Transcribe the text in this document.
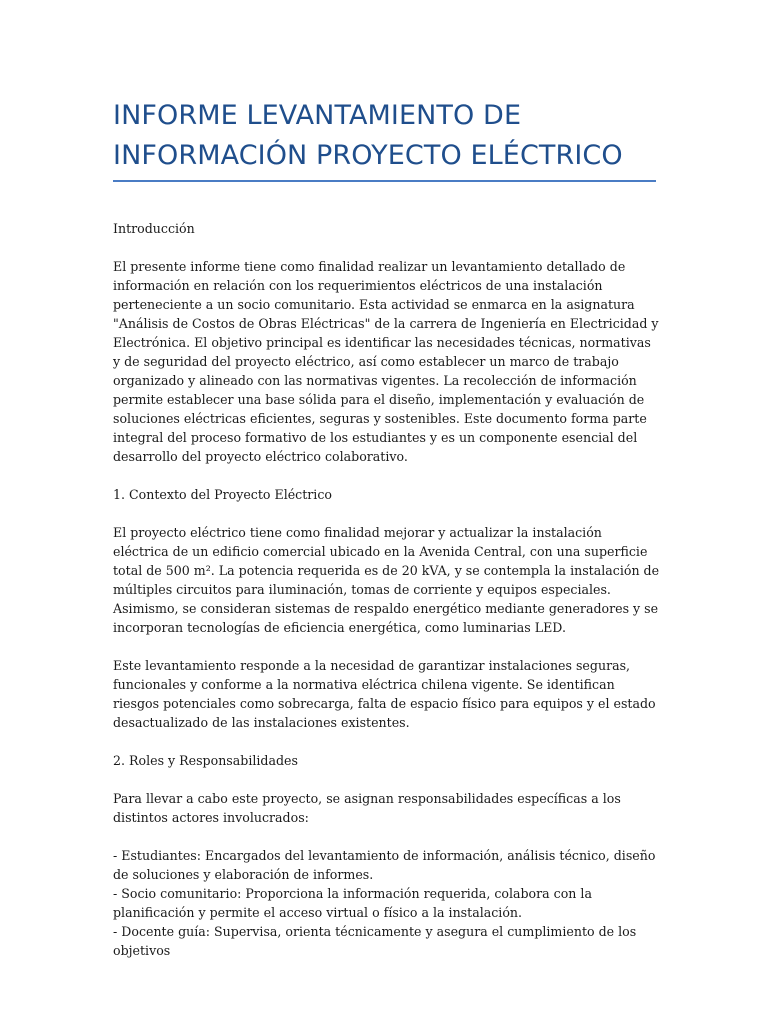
INFORME LEVANTAMIENTO DE INFORMACIÓN PROYECTO ELÉCTRICO

Introducción

El presente informe tiene como finalidad realizar un levantamiento detallado de información en relación con los requerimientos eléctricos de una instalación perteneciente a un socio comunitario. Esta actividad se enmarca en la asignatura "Análisis de Costos de Obras Eléctricas" de la carrera de Ingeniería en Electricidad y Electrónica. El objetivo principal es identificar las necesidades técnicas, normativas y de seguridad del proyecto eléctrico, así como establecer un marco de trabajo organizado y alineado con las normativas vigentes. La recolección de información permite establecer una base sólida para el diseño, implementación y evaluación de soluciones eléctricas eficientes, seguras y sostenibles. Este documento forma parte integral del proceso formativo de los estudiantes y es un componente esencial del desarrollo del proyecto eléctrico colaborativo.

1. Contexto del Proyecto Eléctrico

El proyecto eléctrico tiene como finalidad mejorar y actualizar la instalación eléctrica de un edificio comercial ubicado en la Avenida Central, con una superficie total de 500 m². La potencia requerida es de 20 kVA, y se contempla la instalación de múltiples circuitos para iluminación, tomas de corriente y equipos especiales. Asimismo, se consideran sistemas de respaldo energético mediante generadores y se incorporan tecnologías de eficiencia energética, como luminarias LED.

Este levantamiento responde a la necesidad de garantizar instalaciones seguras, funcionales y conforme a la normativa eléctrica chilena vigente. Se identifican riesgos potenciales como sobrecarga, falta de espacio físico para equipos y el estado desactualizado de las instalaciones existentes.

2. Roles y Responsabilidades

Para llevar a cabo este proyecto, se asignan responsabilidades específicas a los distintos actores involucrados:

- Estudiantes: Encargados del levantamiento de información, análisis técnico, diseño de soluciones y elaboración de informes.

- Socio comunitario: Proporciona la información requerida, colabora con la planificación y permite el acceso virtual o físico a la instalación.

- Docente guía: Supervisa, orienta técnicamente y asegura el cumplimiento de los objetivos
